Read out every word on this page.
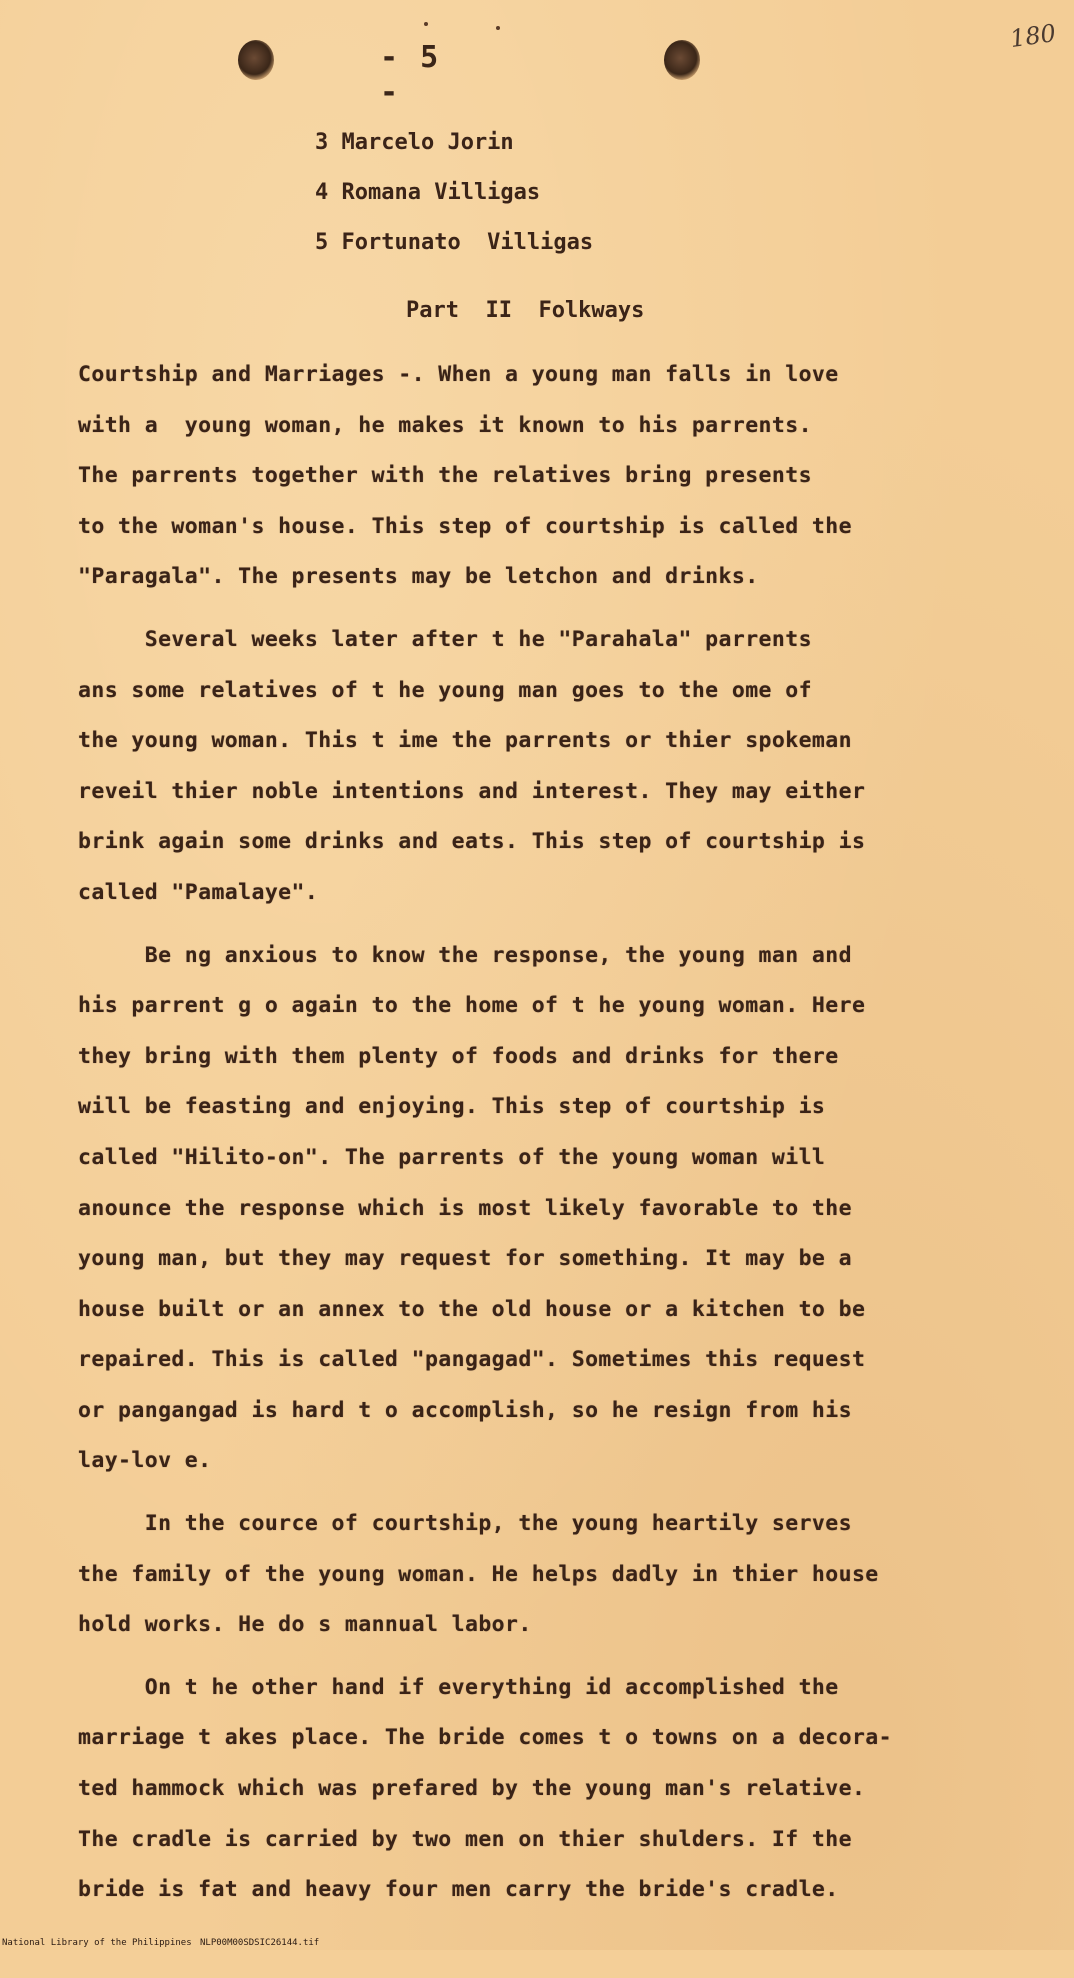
- 5 -
180
3 Marcelo Jorin
4 Romana Villigas
5 Fortunato  Villigas
Part  II  Folkways
Courtship and Marriages -. When a young man falls in love
with a  young woman, he makes it known to his parrents.
The parrents together with the relatives bring presents
to the woman's house. This step of courtship is called the
"Paragala". The presents may be letchon and drinks.
Several weeks later after t he "Parahala" parrents
ans some relatives of t he young man goes to the ome of
the young woman. This t ime the parrents or thier spokeman
reveil thier noble intentions and interest. They may either
brink again some drinks and eats. This step of courtship is
called "Pamalaye".
Be ng anxious to know the response, the young man and
his parrent g o again to the home of t he young woman. Here
they bring with them plenty of foods and drinks for there
will be feasting and enjoying. This step of courtship is
called "Hilito-on". The parrents of the young woman will
anounce the response which is most likely favorable to the
young man, but they may request for something. It may be a
house built or an annex to the old house or a kitchen to be
repaired. This is called "pangagad". Sometimes this request
or pangangad is hard t o accomplish, so he resign from his
lay-lov e.
In the cource of courtship, the young heartily serves
the family of the young woman. He helps dadly in thier house
hold works. He do s mannual labor.
On t he other hand if everything id accomplished the
marriage t akes place. The bride comes t o towns on a decora-
ted hammock which was prefared by the young man's relative.
The cradle is carried by two men on thier shulders. If the
bride is fat and heavy four men carry the bride's cradle.

National Library of the Philippines

NLP00M00SDSIC26144.tif
